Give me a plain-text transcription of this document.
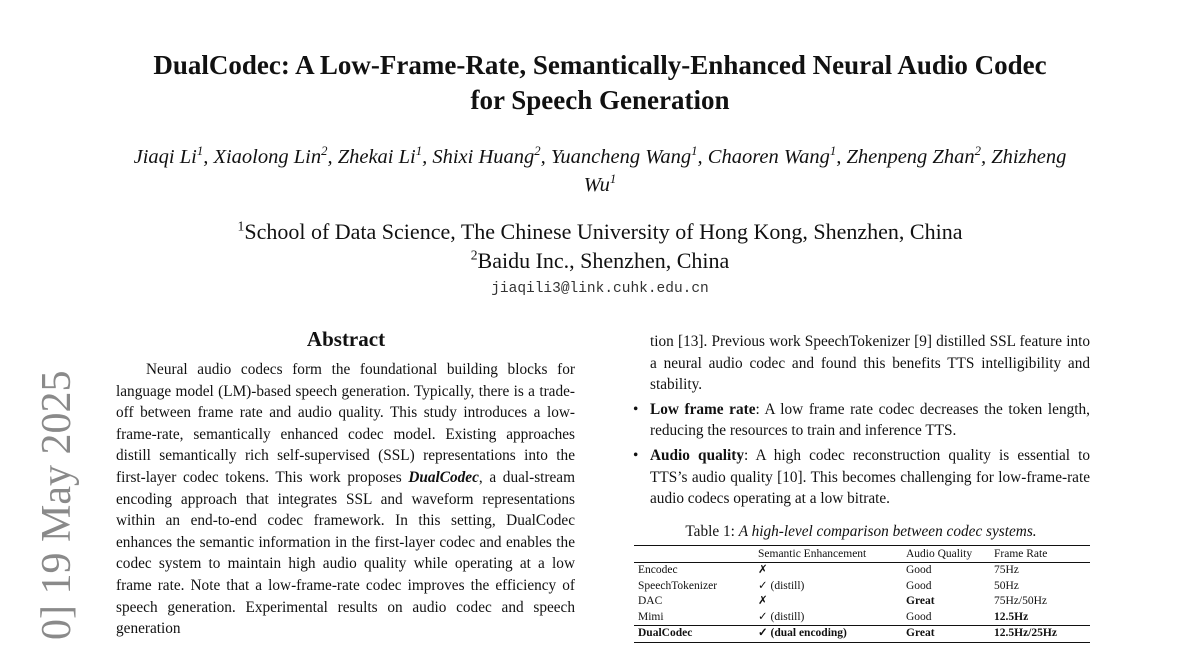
DualCodec: A Low-Frame-Rate, Semantically-Enhanced Neural Audio Codec
for Speech Generation
Jiaqi Li$^1$, Xiaolong Lin$^2$, Zhekai Li$^1$, Shixi Huang$^2$, Yuancheng Wang$^1$, Chaoren Wang$^1$, Zhenpeng Zhan$^2$, Zhizheng Wu$^1$
$^1$School of Data Science, The Chinese University of Hong Kong, Shenzhen, China
$^2$Baidu Inc., Shenzhen, China
jiaqili3@link.cuhk.edu.cn
0] 19 May 2025
Abstract

Neural audio codecs form the foundational building blocks for language model (LM)-based speech generation. Typically, there is a trade-off between frame rate and audio quality. This study introduces a low-frame-rate, semantically enhanced codec model. Existing approaches distill semantically rich self-supervised (SSL) representations into the first-layer codec tokens. This work proposes DualCodec, a dual-stream encoding approach that integrates SSL and waveform representations within an end-to-end codec framework. In this setting, DualCodec enhances the semantic information in the first-layer codec and enables the codec system to maintain high audio quality while operating at a low frame rate. Note that a low-frame-rate codec improves the efficiency of speech generation. Experimental results on audio codec and speech generation

tion [13]. Previous work SpeechTokenizer [9] distilled SSL feature into a neural audio codec and found this benefits TTS intelligibility and stability.

• Low frame rate: A low frame rate codec decreases the token length, reducing the resources to train and inference TTS.
• Audio quality: A high codec reconstruction quality is essential to TTS’s audio quality [10]. This becomes challenging for low-frame-rate audio codecs operating at a low bitrate.
Table 1: A high-level comparison between codec systems.
	Semantic Enhancement	Audio Quality	Frame Rate
Encodec	✗	Good	75Hz
SpeechTokenizer	✓ (distill)	Good	50Hz
DAC	✗	Great	75Hz/50Hz
Mimi	✓ (distill)	Good	12.5Hz
DualCodec	✓ (dual encoding)	Great	12.5Hz/25Hz
